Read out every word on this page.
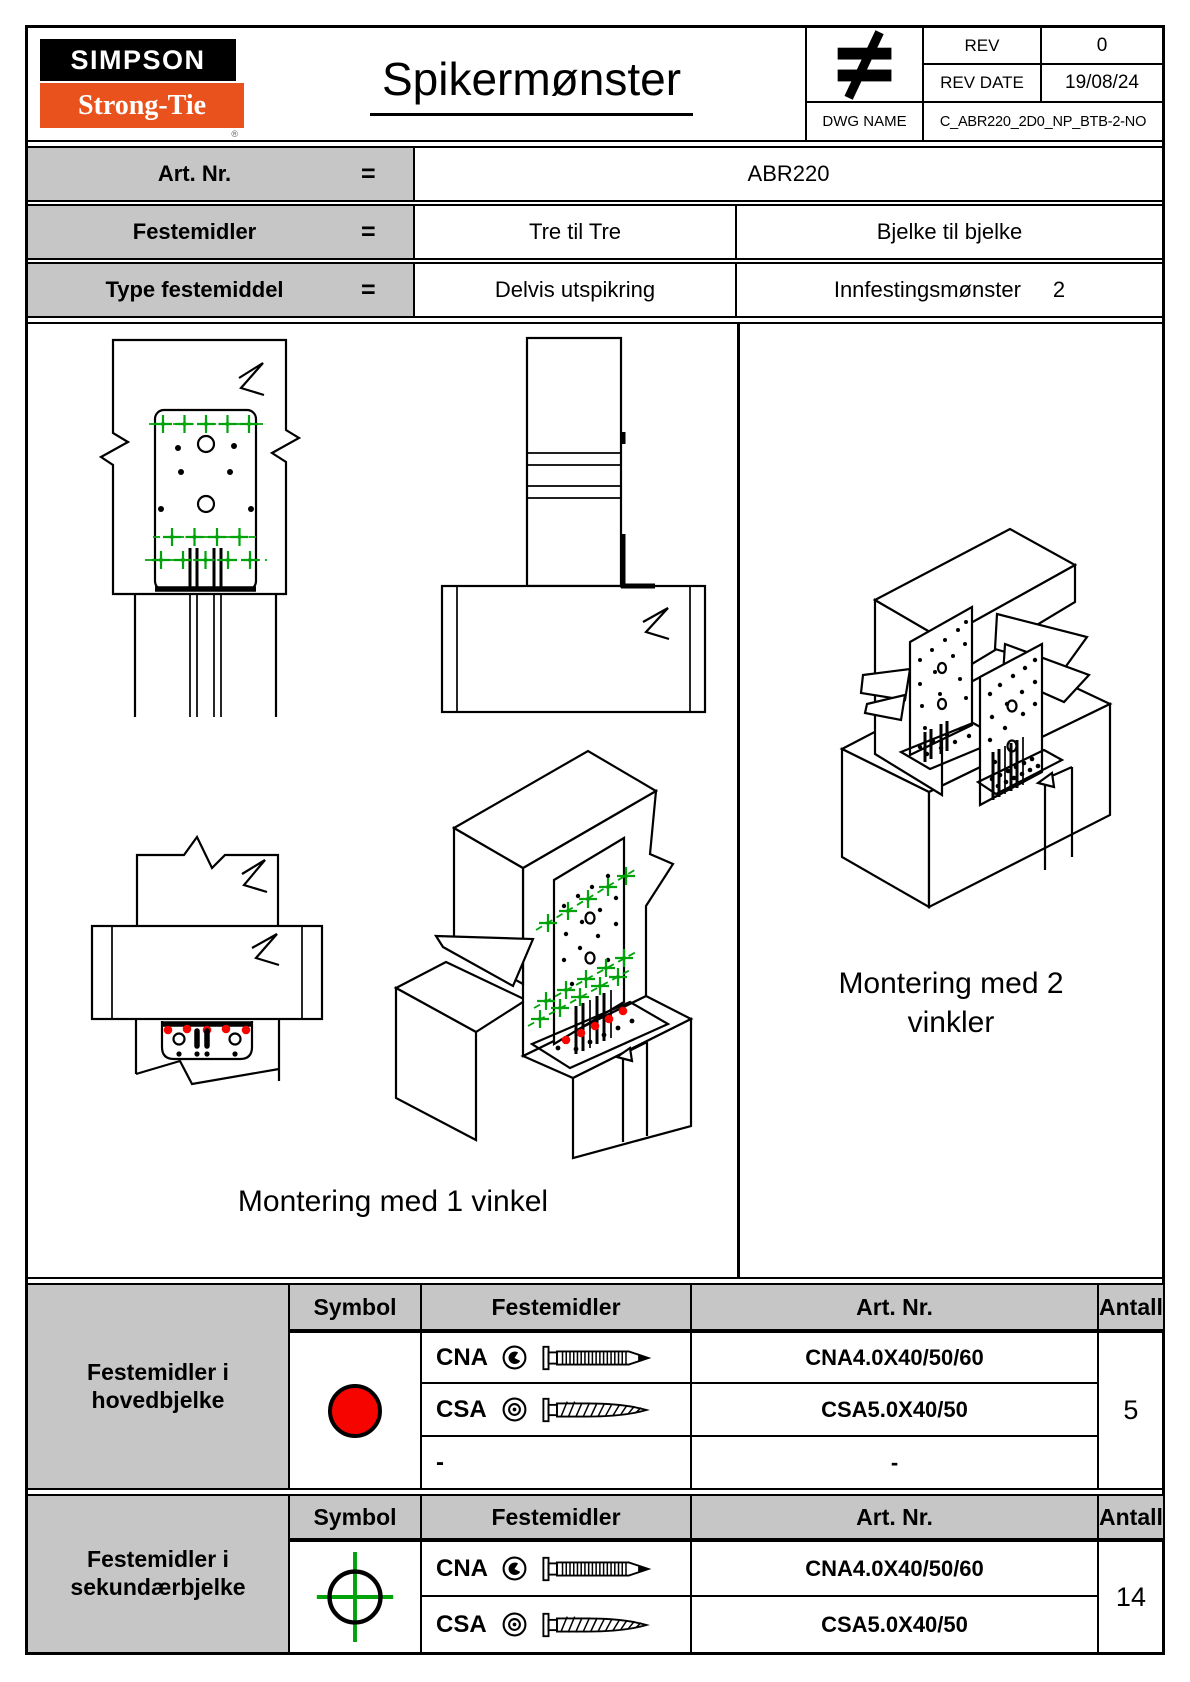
SIMPSON
Strong-Tie
®
Spikermønster
REV	0
REV DATE	19/08/24
DWG NAME	C_ABR220_2D0_NP_BTB-2-NO
Art. Nr.	=	ABR220
Festemidler	=	Tre til Tre	Bjelke til bjelke
Type festemiddel	=	Delvis utspikring	Innfestingsmønster 2
Montering med 1 vinkel
Montering med 2
vinkler
Festemidler i
hovedbjelke
Symbol	Festemidler	Art. Nr.	Antall
CNA	CNA4.0X40/50/60
5
CSA	CSA5.0X40/50
-	-
Festemidler i
sekundærbjelke
Symbol	Festemidler	Art. Nr.	Antall
CNA	CNA4.0X40/50/60
14
CSA	CSA5.0X40/50
